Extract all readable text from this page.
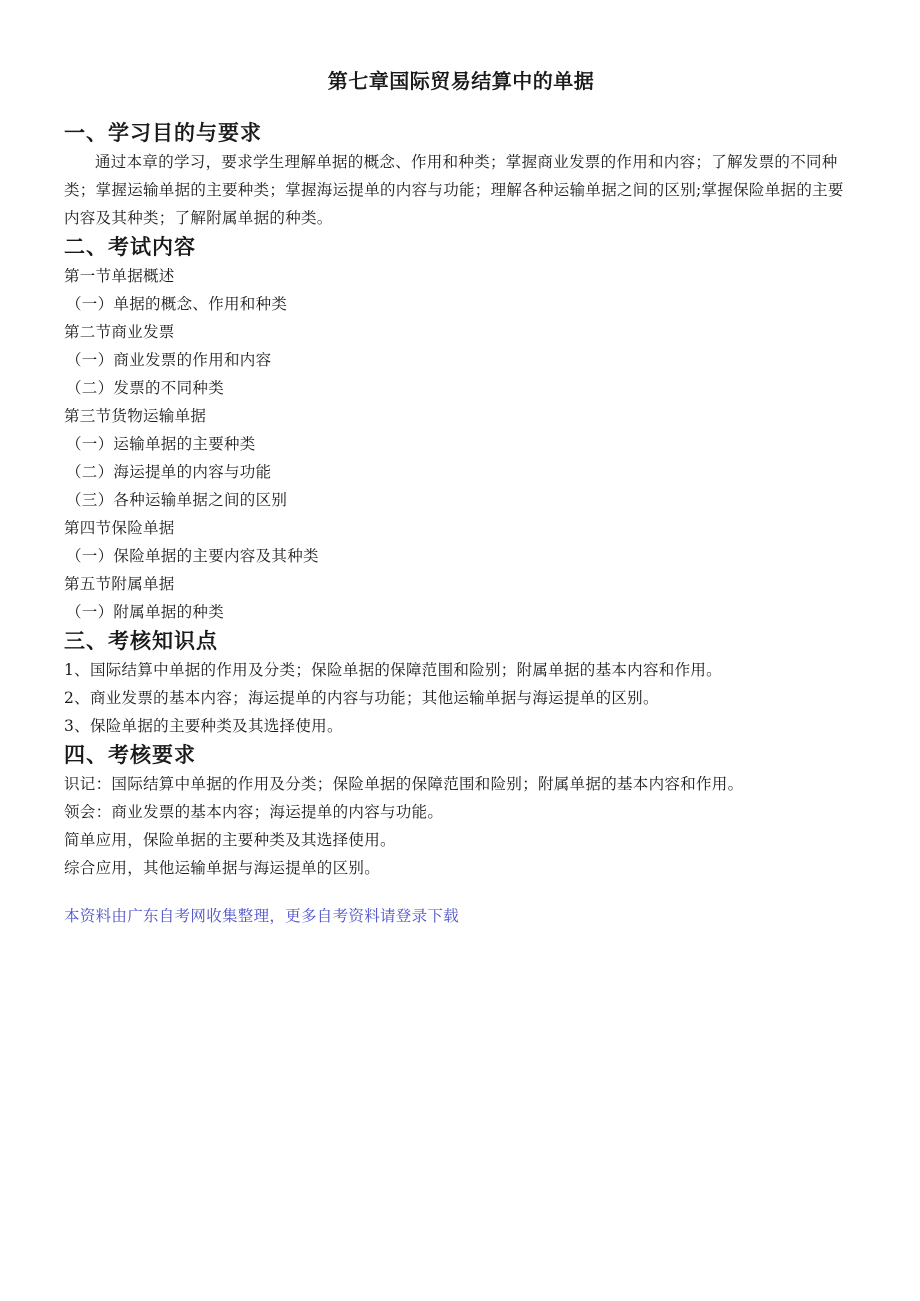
第七章国际贸易结算中的单据
一、学习目的与要求

通过本章的学习，要求学生理解单据的概念、作用和种类；掌握商业发票的作用和内容；了解发票的不同种类；掌握运输单据的主要种类；掌握海运提单的内容与功能；理解各种运输单据之间的区别;掌握保险单据的主要内容及其种类；了解附属单据的种类。

二、考试内容

第一节单据概述

（一）单据的概念、作用和种类

第二节商业发票

（一）商业发票的作用和内容

（二）发票的不同种类

第三节货物运输单据

（一）运输单据的主要种类

（二）海运提单的内容与功能

（三）各种运输单据之间的区别

第四节保险单据

（一）保险单据的主要内容及其种类

第五节附属单据

（一）附属单据的种类

三、考核知识点

1、国际结算中单据的作用及分类；保险单据的保障范围和险别；附属单据的基本内容和作用。

2、商业发票的基本内容；海运提单的内容与功能；其他运输单据与海运提单的区别。

3、保险单据的主要种类及其选择使用。

四、考核要求

识记：国际结算中单据的作用及分类；保险单据的保障范围和险别；附属单据的基本内容和作用。

领会：商业发票的基本内容；海运提单的内容与功能。

简单应用，保险单据的主要种类及其选择使用。

综合应用，其他运输单据与海运提单的区别。

本资料由广东自考网收集整理，更多自考资料请登录下载
